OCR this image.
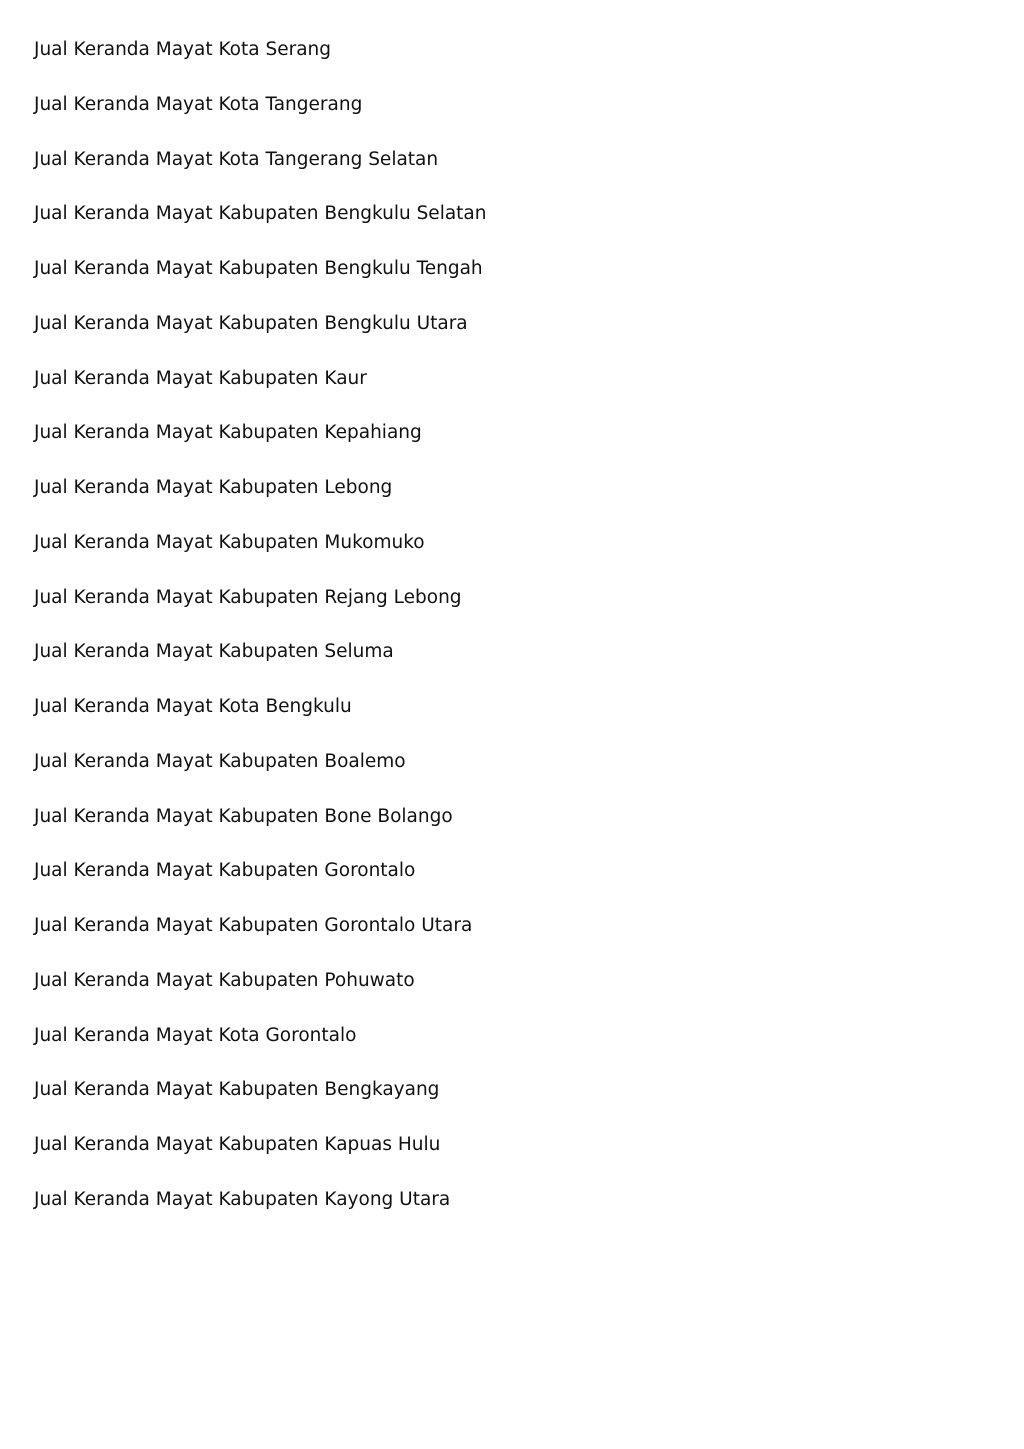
Jual Keranda Mayat Kota Serang
Jual Keranda Mayat Kota Tangerang
Jual Keranda Mayat Kota Tangerang Selatan
Jual Keranda Mayat Kabupaten Bengkulu Selatan
Jual Keranda Mayat Kabupaten Bengkulu Tengah
Jual Keranda Mayat Kabupaten Bengkulu Utara
Jual Keranda Mayat Kabupaten Kaur
Jual Keranda Mayat Kabupaten Kepahiang
Jual Keranda Mayat Kabupaten Lebong
Jual Keranda Mayat Kabupaten Mukomuko
Jual Keranda Mayat Kabupaten Rejang Lebong
Jual Keranda Mayat Kabupaten Seluma
Jual Keranda Mayat Kota Bengkulu
Jual Keranda Mayat Kabupaten Boalemo
Jual Keranda Mayat Kabupaten Bone Bolango
Jual Keranda Mayat Kabupaten Gorontalo
Jual Keranda Mayat Kabupaten Gorontalo Utara
Jual Keranda Mayat Kabupaten Pohuwato
Jual Keranda Mayat Kota Gorontalo
Jual Keranda Mayat Kabupaten Bengkayang
Jual Keranda Mayat Kabupaten Kapuas Hulu
Jual Keranda Mayat Kabupaten Kayong Utara
